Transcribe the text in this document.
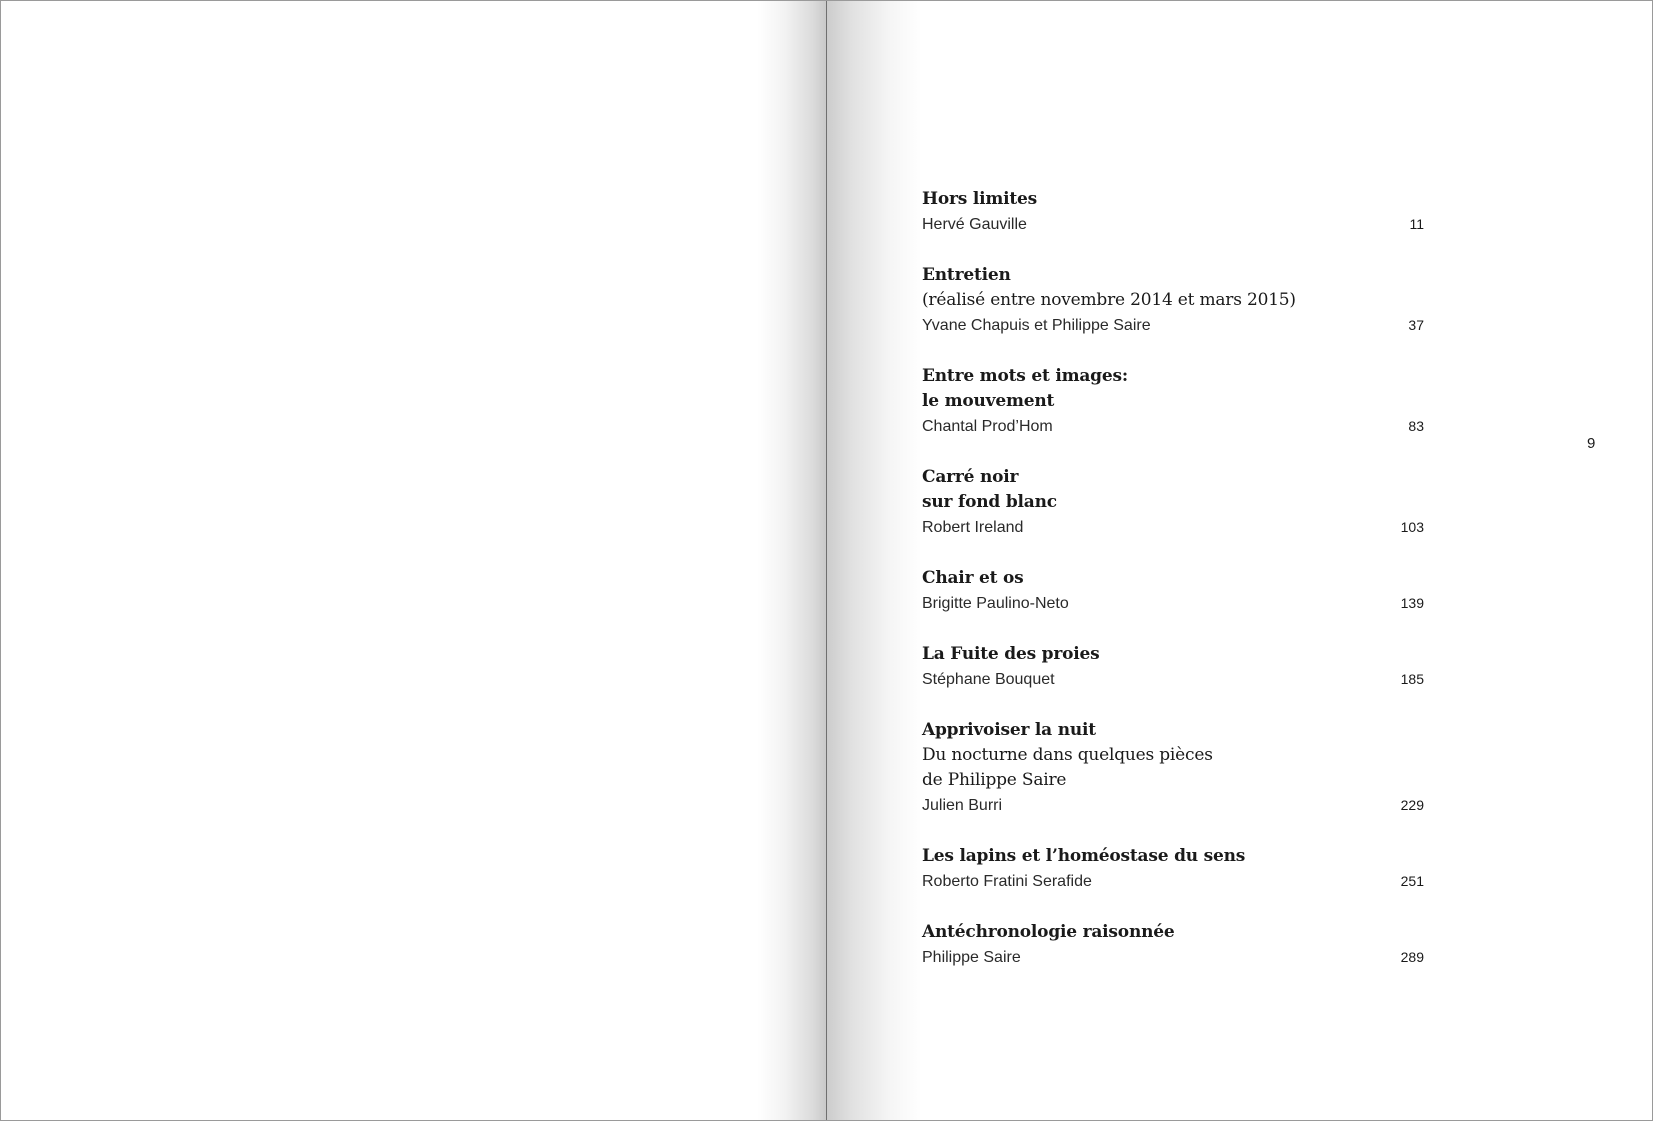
Hors limites
Hervé Gauville	11
Entretien
(réalisé entre novembre 2014 et mars 2015)
Yvane Chapuis et Philippe Saire	37
Entre mots et images:
le mouvement
Chantal Prod’Hom	83
Carré noir
sur fond blanc
Robert Ireland	103
Chair et os
Brigitte Paulino-Neto	139
La Fuite des proies
Stéphane Bouquet	185
Apprivoiser la nuit
Du nocturne dans quelques pièces
de Philippe Saire
Julien Burri	229
Les lapins et l’homéostase du sens
Roberto Fratini Serafide	251
Antéchronologie raisonnée
Philippe Saire	289
9
